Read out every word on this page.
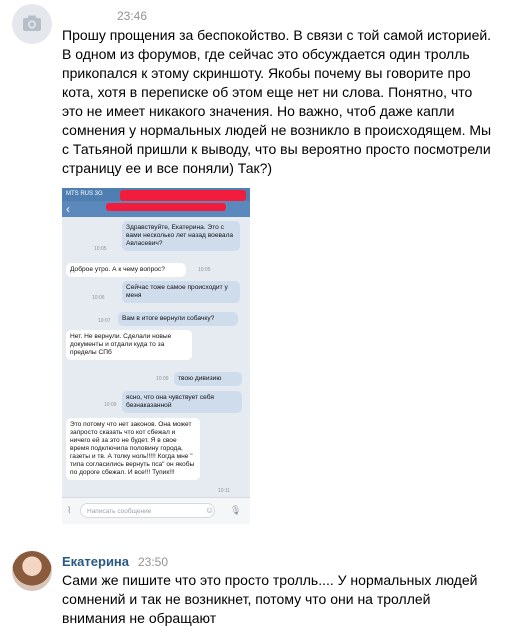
23:46
Прошу прощения за беспокойство. В связи с той самой историей. В одном из форумов, где сейчас это обсуждается один тролль прикопался к этому скриншоту. Якобы почему вы говорите про кота, хотя в переписке об этом еще нет ни слова. Понятно, что это не имеет никакого значения. Но важно, чтоб даже капли сомнения у нормальных людей не возникло в происходящем. Мы с Татьяной пришли к выводу, что вы вероятно просто посмотрели страницу ее и все поняли) Так?)
MTS RUS 3G
‹
Здравствуйте, Екатерина. Это с вами несколько лет назад воевала Авласевич?
10:05
Доброе утро. А к чему вопрос?	10:05
Сейчас тоже самое происходит у меня
10:06
Вам в итоге вернули собачку?
10:07
Нет. Не вернули. Сделали новые документы и отдали куда то за пределы СПб
твою дивизию
10:09
ясно, что она чувствует себя безнаказанной
10:09
Это потому что нет законов. Она может запросто сказать что кот сбежал и ничего ей за это не будет. Я в свое время подключила половину города, газеты и тв. А толку ноль!!!!! Когда мне " типа согласились вернуть пса" он якобы по дороге сбежал. И все!!! Тупик!!!
10:11
⌇	Написать сообщение	☺ 🎙
Екатерина 23:50
Сами же пишите что это просто тролль.... У нормальных людей сомнений и так не возникнет, потому что они на троллей внимания не обращают
